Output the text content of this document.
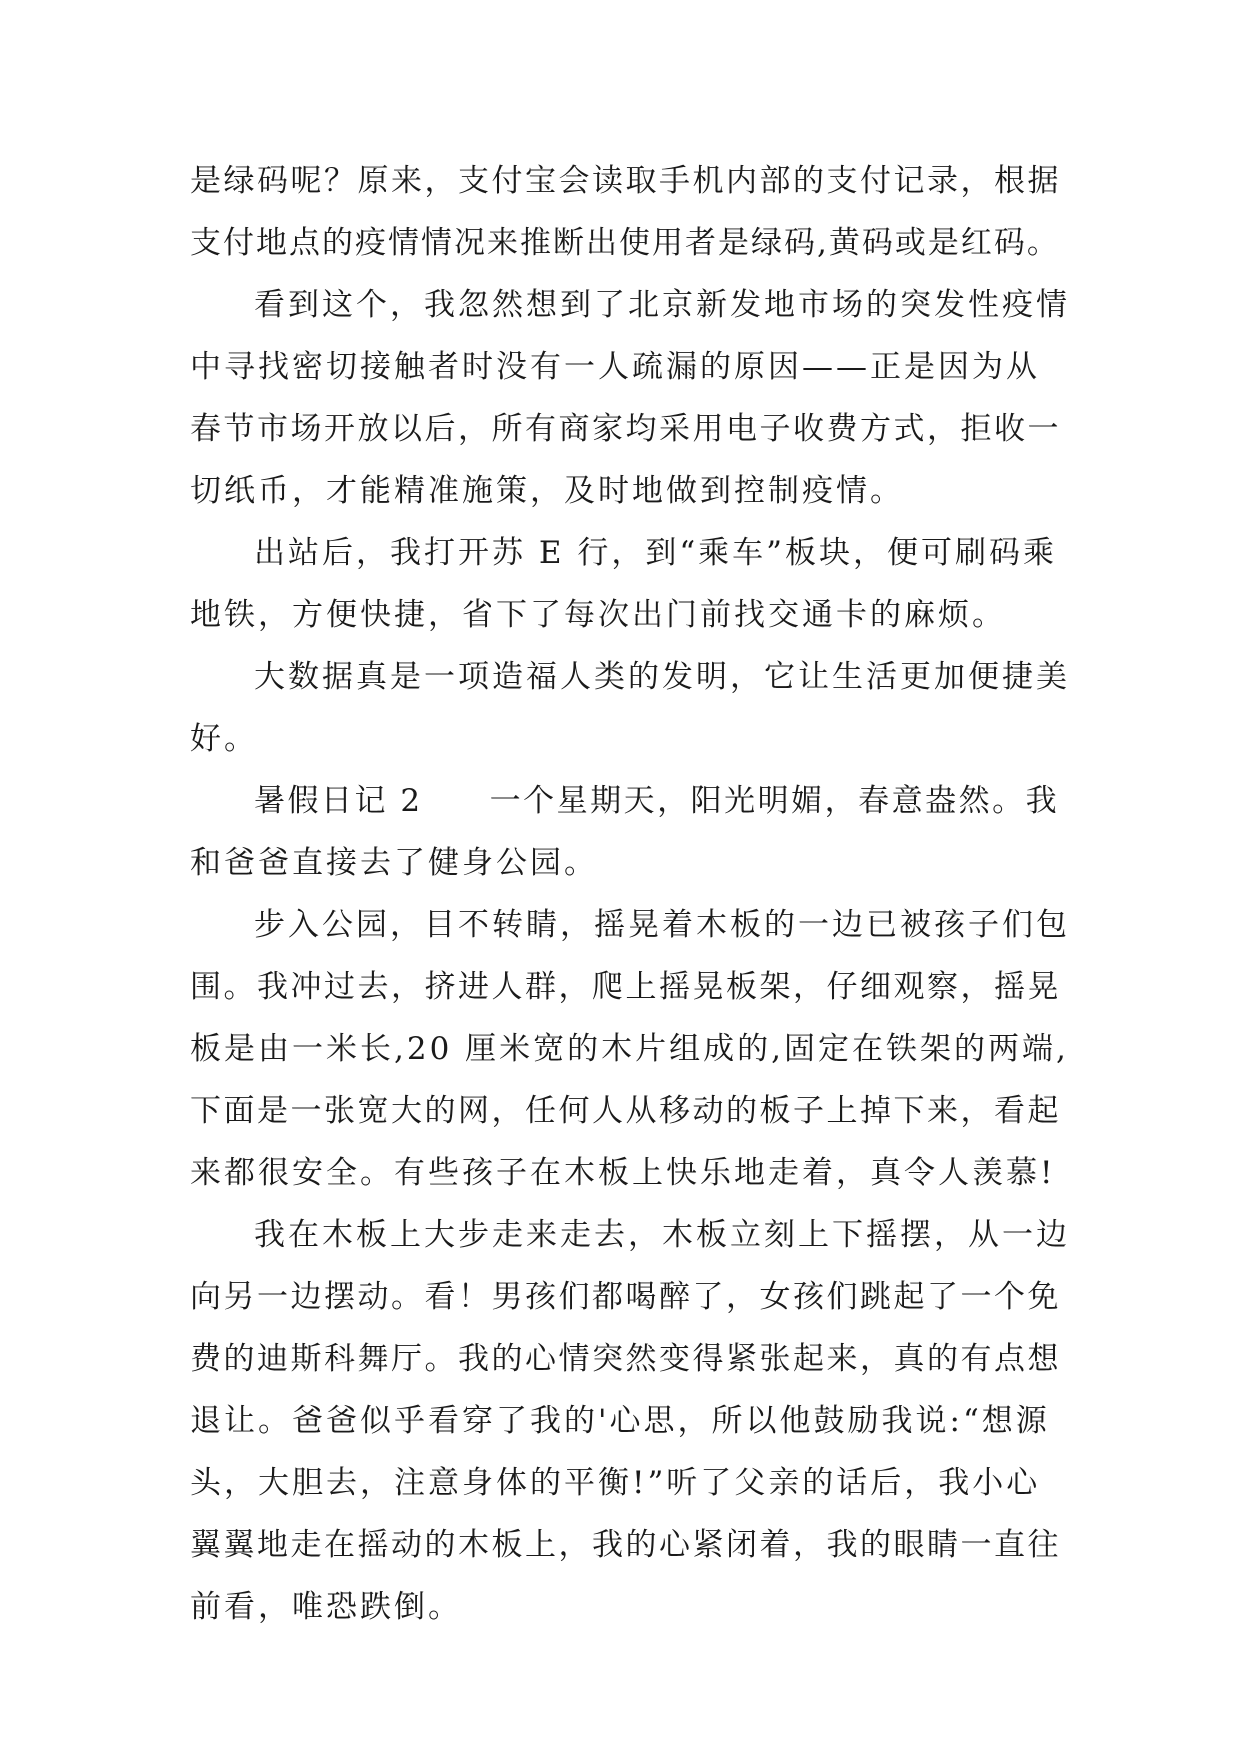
是绿码呢？原来，支付宝会读取手机内部的支付记录，根据
支付地点的疫情情况来推断出使用者是绿码,黄码或是红码。
看到这个，我忽然想到了北京新发地市场的突发性疫情
中寻找密切接触者时没有一人疏漏的原因——正是因为从
春节市场开放以后，所有商家均采用电子收费方式，拒收一
切纸币，才能精准施策，及时地做到控制疫情。
出站后，我打开苏 E 行，到“乘车”板块，便可刷码乘
地铁，方便快捷，省下了每次出门前找交通卡的麻烦。
大数据真是一项造福人类的发明，它让生活更加便捷美
好。
暑假日记 2　　一个星期天，阳光明媚，春意盎然。我
和爸爸直接去了健身公园。
步入公园，目不转睛，摇晃着木板的一边已被孩子们包
围。我冲过去，挤进人群，爬上摇晃板架，仔细观察，摇晃
板是由一米长,20 厘米宽的木片组成的,固定在铁架的两端,
下面是一张宽大的网，任何人从移动的板子上掉下来，看起
来都很安全。有些孩子在木板上快乐地走着，真令人羡慕!
我在木板上大步走来走去，木板立刻上下摇摆，从一边
向另一边摆动。看！男孩们都喝醉了，女孩们跳起了一个免
费的迪斯科舞厅。我的心情突然变得紧张起来，真的有点想
退让。爸爸似乎看穿了我的'心思，所以他鼓励我说:“想源
头，大胆去，注意身体的平衡!”听了父亲的话后，我小心
翼翼地走在摇动的木板上，我的心紧闭着，我的眼睛一直往
前看，唯恐跌倒。
